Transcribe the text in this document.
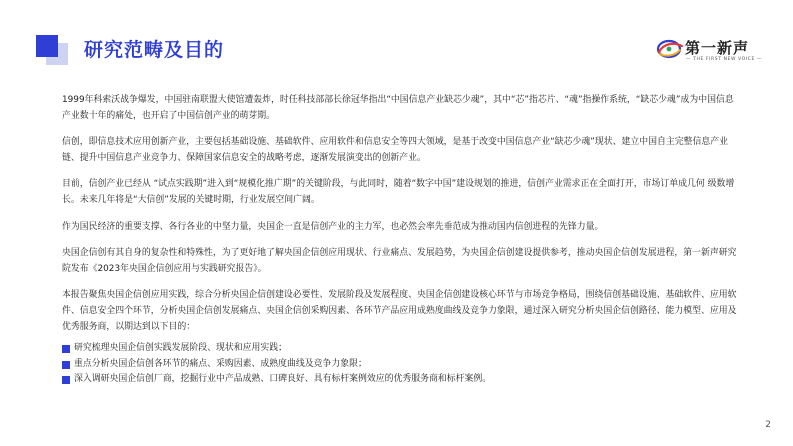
研究范畴及目的	第一新声
— THE FIRST NEW VOICE —

1999年科索沃战争爆发，中国驻南联盟大使馆遭轰炸，时任科技部部长徐冠华指出“中国信息产业缺芯少魂”，其中“芯”指芯片、“魂”指操作系统，“缺芯少魂”成为中国信息产业数十年的痛处，也开启了中国信创产业的萌芽期。

信创，即信息技术应用创新产业，主要包括基础设施、基础软件、应用软件和信息安全等四大领域，是基于改变中国信息产业“缺芯少魂”现状、建立中国自主完整信息产业链、提升中国信息产业竞争力、保障国家信息安全的战略考虑，逐渐发展演变出的创新产业。

目前，信创产业已经从 “试点实践期”进入到“规模化推广期”的关键阶段，与此同时，随着“数字中国”建设规划的推进，信创产业需求正在全面打开，市场订单成几何 级数增长。未来几年将是“大信创”发展的关键时期，行业发展空间广阔。

作为国民经济的重要支撑、各行各业的中坚力量，央国企一直是信创产业的主力军，也必然会率先垂范成为推动国内信创进程的先锋力量。

央国企信创有其自身的复杂性和特殊性，为了更好地了解央国企信创应用现状、行业痛点、发展趋势，为央国企信创建设提供参考，推动央国企信创发展进程，第一新声研究院发布《2023年央国企信创应用与实践研究报告》。

本报告聚焦央国企信创应用实践，综合分析央国企信创建设必要性、发展阶段及发展程度、央国企信创建设核心环节与市场竞争格局，围绕信创基础设施、基础软件、应用软件、信息安全四个环节，分析央国企信创发展痛点、央国企信创采购因素、各环节产品应用成熟度曲线及竞争力象限，通过深入研究分析央国企信创路径、能力模型、应用及优秀服务商，以期达到以下目的：

研究梳理央国企信创实践发展阶段、现状和应用实践；
重点分析央国企信创各环节的痛点、采购因素、成熟度曲线及竞争力象限；
深入调研央国企信创厂商，挖掘行业中产品成熟、口碑良好、具有标杆案例效应的优秀服务商和标杆案例。
2
